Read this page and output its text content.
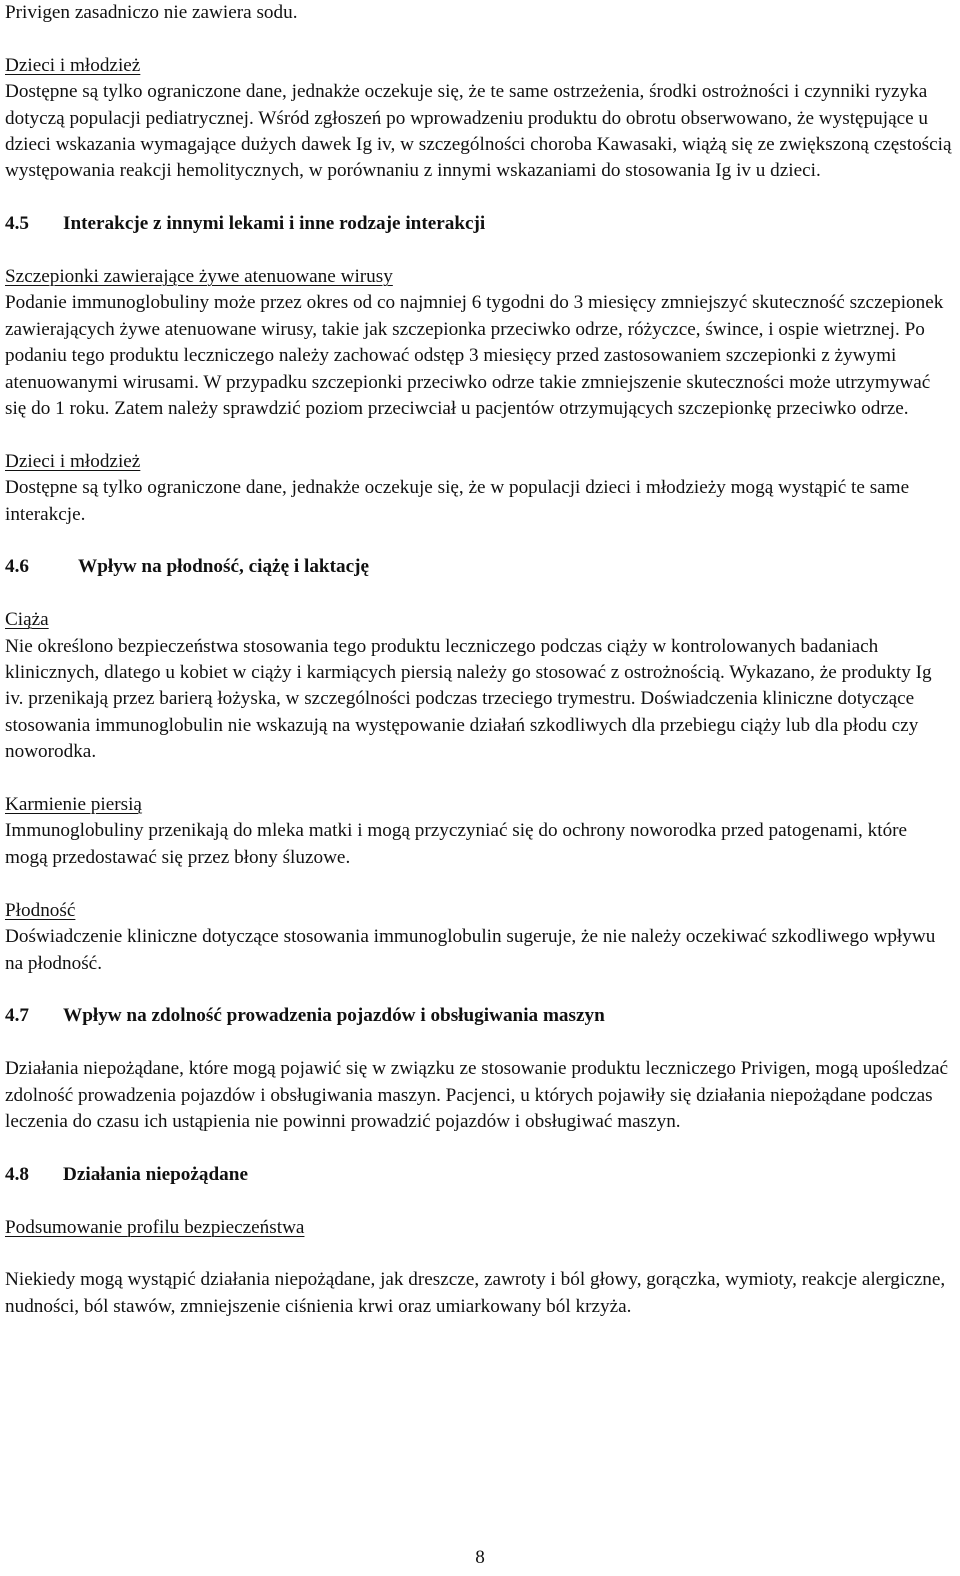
Privigen zasadniczo nie zawiera sodu.

Dzieci i młodzież

Dostępne są tylko ograniczone dane, jednakże oczekuje się, że te same ostrzeżenia, środki ostrożności i czynniki ryzyka dotyczą populacji pediatrycznej. Wśród zgłoszeń po wprowadzeniu produktu do obrotu obserwowano, że występujące u dzieci wskazania wymagające dużych dawek Ig iv, w szczególności choroba Kawasaki, wiążą się ze zwiększoną częstością występowania reakcji hemolitycznych, w porównaniu z innymi wskazaniami do stosowania Ig iv u dzieci.

4.5 Interakcje z innymi lekami i inne rodzaje interakcji

Szczepionki zawierające żywe atenuowane wirusy

Podanie immunoglobuliny może przez okres od co najmniej 6 tygodni do 3 miesięcy zmniejszyć skuteczność szczepionek zawierających żywe atenuowane wirusy, takie jak szczepionka przeciwko odrze, różyczce, śwince, i ospie wietrznej. Po podaniu tego produktu leczniczego należy zachować odstęp 3 miesięcy przed zastosowaniem szczepionki z żywymi atenuowanymi wirusami. W przypadku szczepionki przeciwko odrze takie zmniejszenie skuteczności może utrzymywać się do 1 roku. Zatem należy sprawdzić poziom przeciwciał u pacjentów otrzymujących szczepionkę przeciwko odrze.

Dzieci i młodzież

Dostępne są tylko ograniczone dane, jednakże oczekuje się, że w populacji dzieci i młodzieży mogą wystąpić te same interakcje.

4.6	Wpływ na płodność, ciążę i laktację

Ciąża

Nie określono bezpieczeństwa stosowania tego produktu leczniczego podczas ciąży w kontrolowanych badaniach klinicznych, dlatego u kobiet w ciąży i karmiących piersią należy go stosować z ostrożnością. Wykazano, że produkty Ig iv. przenikają przez barierą łożyska, w szczególności podczas trzeciego trymestru. Doświadczenia kliniczne dotyczące stosowania immunoglobulin nie wskazują na występowanie działań szkodliwych dla przebiegu ciąży lub dla płodu czy noworodka.

Karmienie piersią

Immunoglobuliny przenikają do mleka matki i mogą przyczyniać się do ochrony noworodka przed patogenami, które mogą przedostawać się przez błony śluzowe.

Płodność

Doświadczenie kliniczne dotyczące stosowania immunoglobulin sugeruje, że nie należy oczekiwać szkodliwego wpływu na płodność.

4.7 Wpływ na zdolność prowadzenia pojazdów i obsługiwania maszyn

Działania niepożądane, które mogą pojawić się w związku ze stosowanie produktu leczniczego Privigen, mogą upośledzać zdolność prowadzenia pojazdów i obsługiwania maszyn. Pacjenci, u których pojawiły się działania niepożądane podczas leczenia do czasu ich ustąpienia nie powinni prowadzić pojazdów i obsługiwać maszyn.

4.8 Działania niepożądane

Podsumowanie profilu bezpieczeństwa

Niekiedy mogą wystąpić działania niepożądane, jak dreszcze, zawroty i ból głowy, gorączka, wymioty, reakcje alergiczne, nudności, ból stawów, zmniejszenie ciśnienia krwi oraz umiarkowany ból krzyża.

8
